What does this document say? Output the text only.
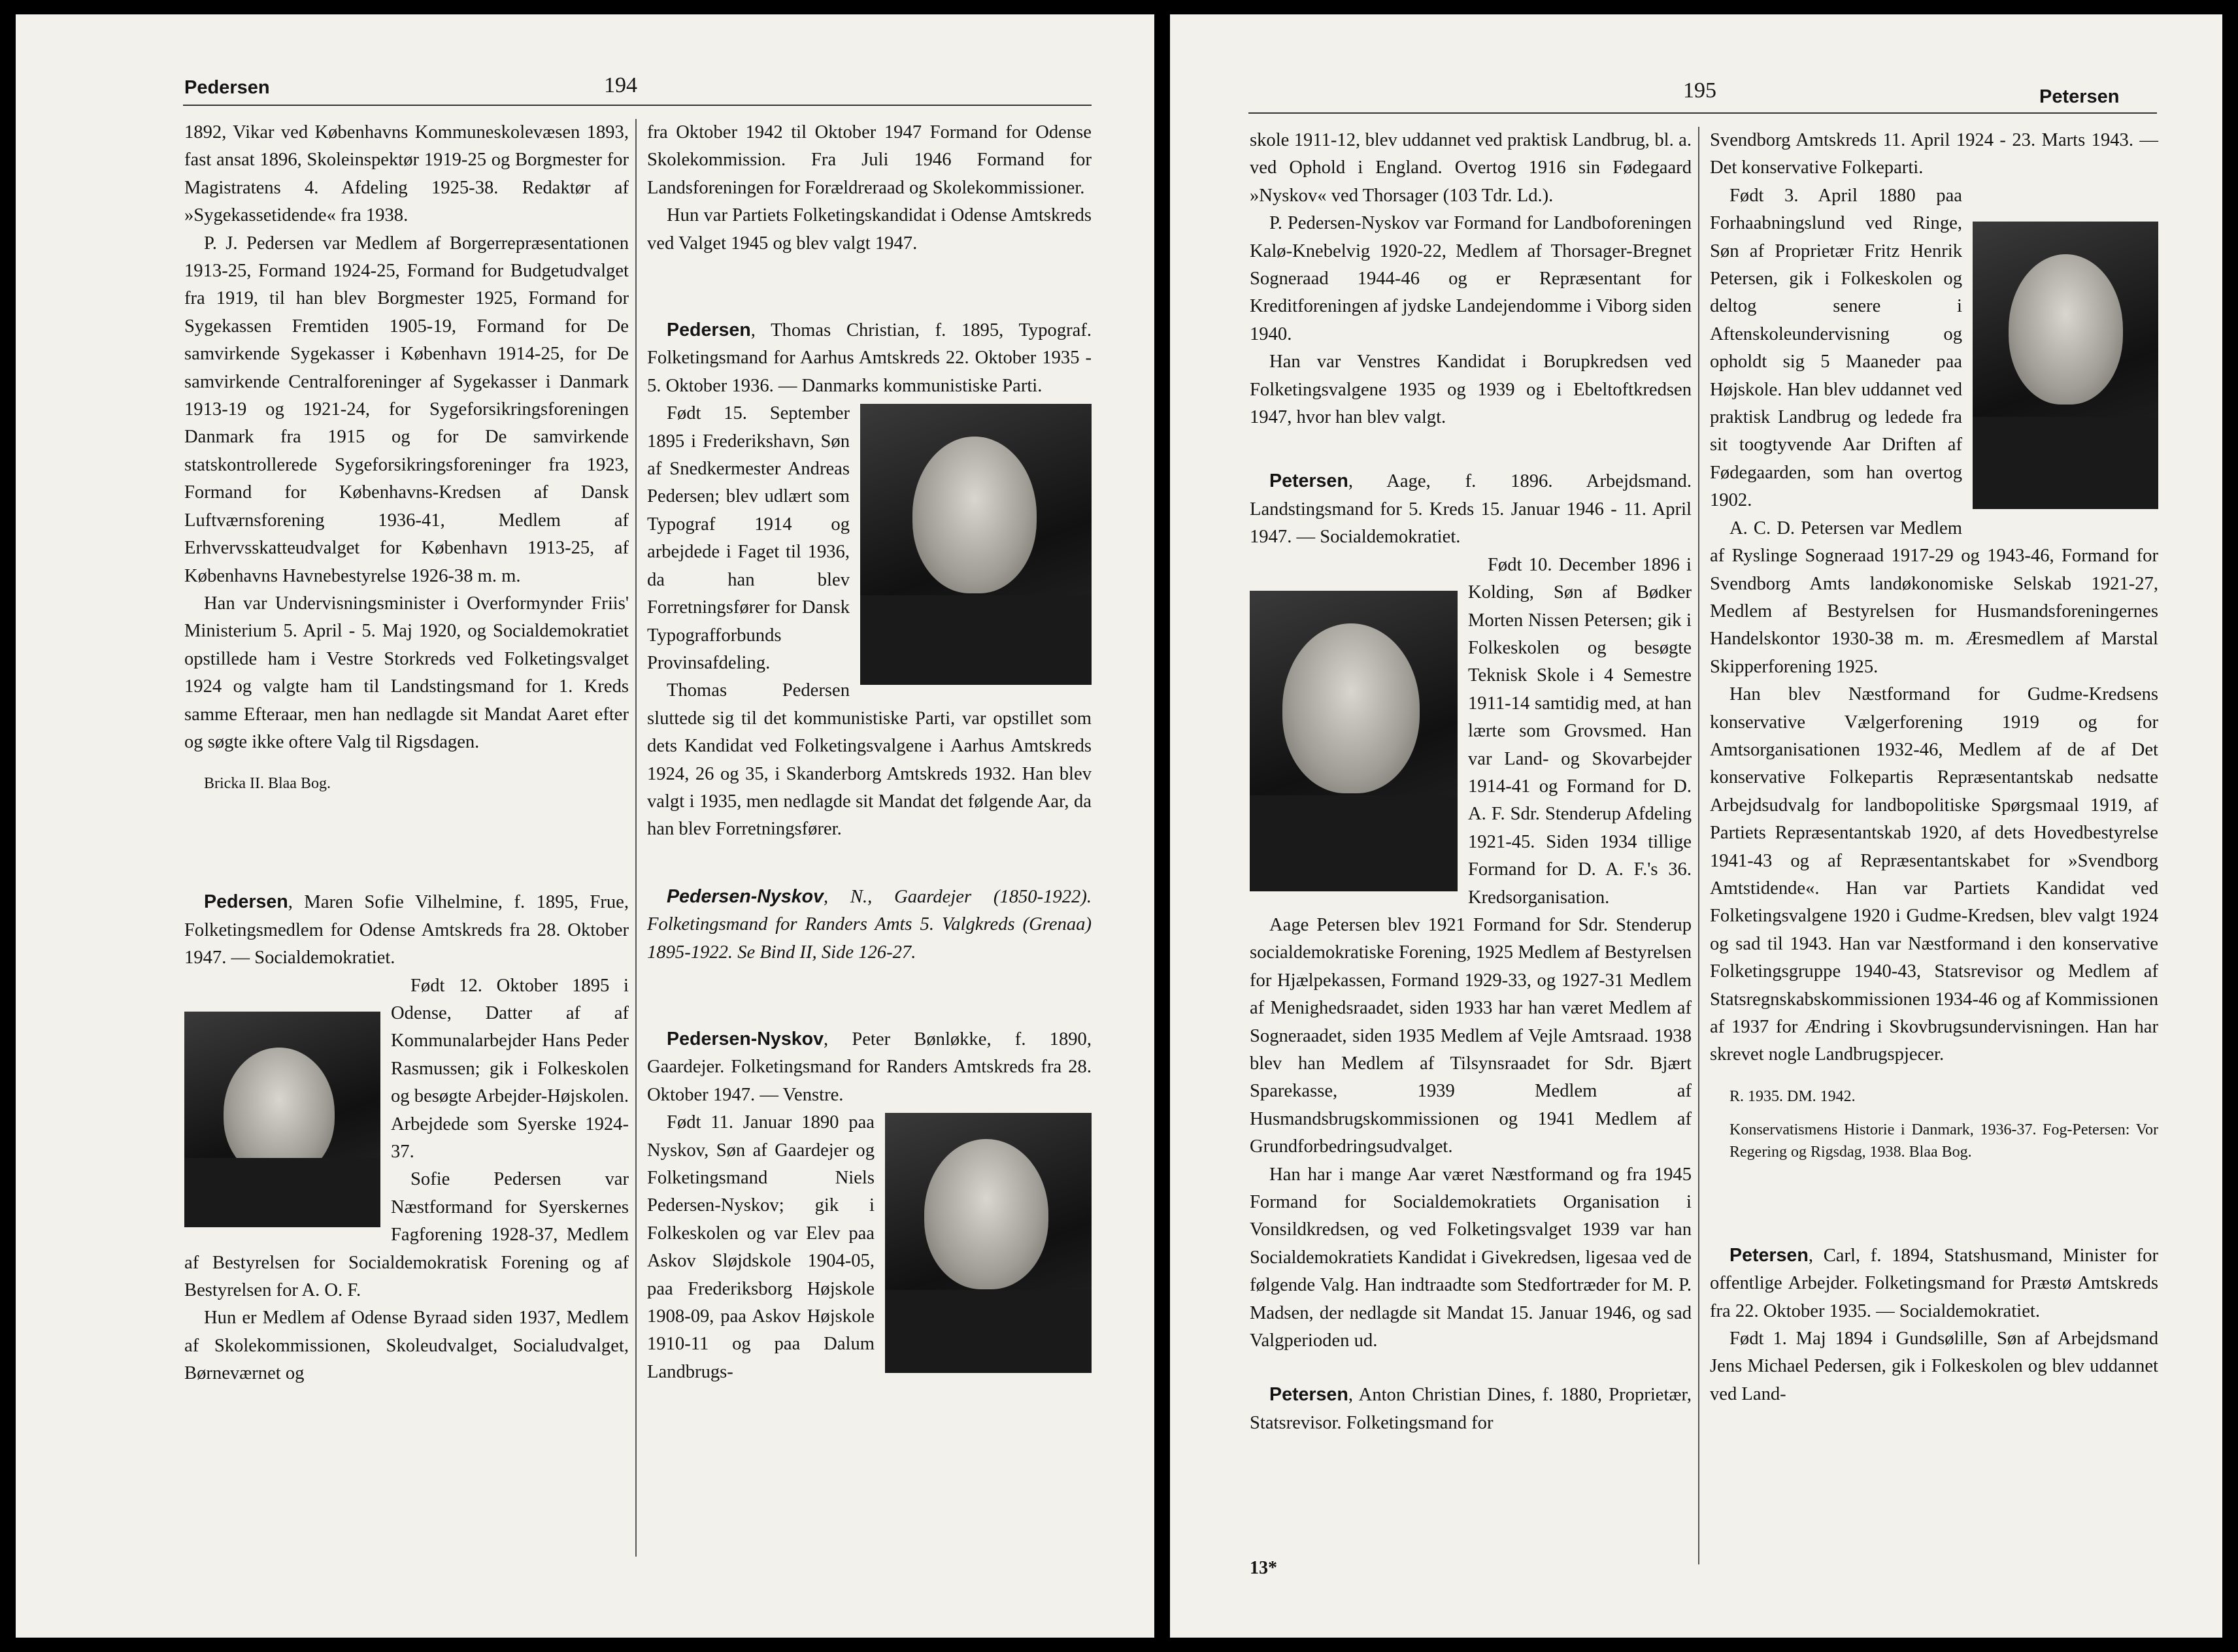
Pedersen	194

1892, Vikar ved Københavns Kommuneskolevæsen 1893, fast ansat 1896, Skoleinspektør 1919-25 og Borgmester for Magistratens 4. Afdeling 1925-38. Redaktør af »Sygekassetidende« fra 1938.

P. J. Pedersen var Medlem af Borgerrepræsentationen 1913-25, Formand 1924-25, Formand for Budgetudvalget fra 1919, til han blev Borgmester 1925, Formand for Sygekassen Fremtiden 1905-19, Formand for De samvirkende Sygekasser i København 1914-25, for De samvirkende Centralforeninger af Sygekasser i Danmark 1913-19 og 1921-24, for Sygeforsikringsforeningen Danmark fra 1915 og for De samvirkende statskontrollerede Sygeforsikringsforeninger fra 1923, Formand for Københavns-Kredsen af Dansk Luftværnsforening 1936-41, Medlem af Erhvervsskatteudvalget for København 1913-25, af Københavns Havnebestyrelse 1926-38 m. m.

Han var Undervisningsminister i Overformynder Friis' Ministerium 5. April - 5. Maj 1920, og Socialdemokratiet opstillede ham i Vestre Storkreds ved Folketingsvalget 1924 og valgte ham til Landstingsmand for 1. Kreds samme Efteraar, men han nedlagde sit Mandat Aaret efter og søgte ikke oftere Valg til Rigsdagen.

Bricka II. Blaa Bog.

Pedersen, Maren Sofie Vilhelmine, f. 1895, Frue, Folketingsmedlem for Odense Amtskreds fra 28. Oktober 1947. — Socialdemokratiet.

Født 12. Oktober 1895 i Odense, Datter af af Kommunalarbejder Hans Peder Rasmussen; gik i Folkeskolen og besøgte Arbejder-Højskolen. Arbejdede som Syerske 1924-37.

Sofie Pedersen var Næstformand for Syerskernes Fagforening 1928-37, Medlem af Bestyrelsen for Socialdemokratisk Forening og af Bestyrelsen for A. O. F.

Hun er Medlem af Odense Byraad siden 1937, Medlem af Skolekommissionen, Skoleudvalget, Socialudvalget, Børneværnet og

fra Oktober 1942 til Oktober 1947 Formand for Odense Skolekommission. Fra Juli 1946 Formand for Landsforeningen for Forældreraad og Skolekommissioner.

Hun var Partiets Folketingskandidat i Odense Amtskreds ved Valget 1945 og blev valgt 1947.

Pedersen, Thomas Christian, f. 1895, Typograf. Folketingsmand for Aarhus Amtskreds 22. Oktober 1935 - 5. Oktober 1936. — Danmarks kommunistiske Parti.

Født 15. September 1895 i Frederikshavn, Søn af Snedkermester Andreas Pedersen; blev udlært som Typograf 1914 og arbejdede i Faget til 1936, da han blev Forretningsfører for Dansk Typografforbunds Provinsafdeling.

Thomas Pedersen sluttede sig til det kommunistiske Parti, var opstillet som dets Kandidat ved Folketingsvalgene i Aarhus Amtskreds 1924, 26 og 35, i Skanderborg Amtskreds 1932. Han blev valgt i 1935, men nedlagde sit Mandat det følgende Aar, da han blev Forretningsfører.

Pedersen-Nyskov, N., Gaardejer (1850-1922). Folketingsmand for Randers Amts 5. Valgkreds (Grenaa) 1895-1922. Se Bind II, Side 126-27.

Pedersen-Nyskov, Peter Bønløkke, f. 1890, Gaardejer. Folketingsmand for Randers Amtskreds fra 28. Oktober 1947. — Venstre.

Født 11. Januar 1890 paa Nyskov, Søn af Gaardejer og Folketingsmand Niels Pedersen-Nyskov; gik i Folkeskolen og var Elev paa Askov Sløjdskole 1904-05, paa Frederiksborg Højskole 1908-09, paa Askov Højskole 1910-11 og paa Dalum Landbrugs-

195	Petersen

skole 1911-12, blev uddannet ved praktisk Landbrug, bl. a. ved Ophold i England. Overtog 1916 sin Fødegaard »Nyskov« ved Thorsager (103 Tdr. Ld.).

P. Pedersen-Nyskov var Formand for Landboforeningen Kalø-Knebelvig 1920-22, Medlem af Thorsager-Bregnet Sogneraad 1944-46 og er Repræsentant for Kreditforeningen af jydske Landejendomme i Viborg siden 1940.

Han var Venstres Kandidat i Borupkredsen ved Folketingsvalgene 1935 og 1939 og i Ebeltoftkredsen 1947, hvor han blev valgt.

Petersen, Aage, f. 1896. Arbejdsmand. Landstingsmand for 5. Kreds 15. Januar 1946 - 11. April 1947. — Socialdemokratiet.

Født 10. December 1896 i Kolding, Søn af Bødker Morten Nissen Petersen; gik i Folkeskolen og besøgte Teknisk Skole i 4 Semestre 1911-14 samtidig med, at han lærte som Grovsmed. Han var Land- og Skovarbejder 1914-41 og Formand for D. A. F. Sdr. Stenderup Afdeling 1921-45. Siden 1934 tillige Formand for D. A. F.'s 36. Kredsorganisation.

Aage Petersen blev 1921 Formand for Sdr. Stenderup socialdemokratiske Forening, 1925 Medlem af Bestyrelsen for Hjælpekassen, Formand 1929-33, og 1927-31 Medlem af Menighedsraadet, siden 1933 har han været Medlem af Sogneraadet, siden 1935 Medlem af Vejle Amtsraad. 1938 blev han Medlem af Tilsynsraadet for Sdr. Bjært Sparekasse, 1939 Medlem af Husmandsbrugskommissionen og 1941 Medlem af Grundforbedringsudvalget.

Han har i mange Aar været Næstformand og fra 1945 Formand for Socialdemokratiets Organisation i Vonsildkredsen, og ved Folketingsvalget 1939 var han Socialdemokratiets Kandidat i Givekredsen, ligesaa ved de følgende Valg. Han indtraadte som Stedfortræder for M. P. Madsen, der nedlagde sit Mandat 15. Januar 1946, og sad Valgperioden ud.

Petersen, Anton Christian Dines, f. 1880, Proprietær, Statsrevisor. Folketingsmand for

Svendborg Amtskreds 11. April 1924 - 23. Marts 1943. — Det konservative Folkeparti.

Født 3. April 1880 paa Forhaabningslund ved Ringe, Søn af Proprietær Fritz Henrik Petersen, gik i Folkeskolen og deltog senere i Aftenskoleundervisning og opholdt sig 5 Maaneder paa Højskole. Han blev uddannet ved praktisk Landbrug og ledede fra sit toogtyvende Aar Driften af Fødegaarden, som han overtog 1902.

A. C. D. Petersen var Medlem af Ryslinge Sogneraad 1917-29 og 1943-46, Formand for Svendborg Amts landøkonomiske Selskab 1921-27, Medlem af Bestyrelsen for Husmandsforeningernes Handelskontor 1930-38 m. m. Æresmedlem af Marstal Skipperforening 1925.

Han blev Næstformand for Gudme-Kredsens konservative Vælgerforening 1919 og for Amtsorganisationen 1932-46, Medlem af de af Det konservative Folkepartis Repræsentantskab nedsatte Arbejdsudvalg for landbopolitiske Spørgsmaal 1919, af Partiets Repræsentantskab 1920, af dets Hovedbestyrelse 1941-43 og af Repræsentantskabet for »Svendborg Amtstidende«. Han var Partiets Kandidat ved Folketingsvalgene 1920 i Gudme-Kredsen, blev valgt 1924 og sad til 1943. Han var Næstformand i den konservative Folketingsgruppe 1940-43, Statsrevisor og Medlem af Statsregnskabskommissionen 1934-46 og af Kommissionen af 1937 for Ændring i Skovbrugsundervisningen. Han har skrevet nogle Landbrugspjecer.

R. 1935. DM. 1942.

Konservatismens Historie i Danmark, 1936-37. Fog-Petersen: Vor Regering og Rigsdag, 1938. Blaa Bog.

Petersen, Carl, f. 1894, Statshusmand, Minister for offentlige Arbejder. Folketingsmand for Præstø Amtskreds fra 22. Oktober 1935. — Socialdemokratiet.

Født 1. Maj 1894 i Gundsølille, Søn af Arbejdsmand Jens Michael Pedersen, gik i Folkeskolen og blev uddannet ved Land-

13*
